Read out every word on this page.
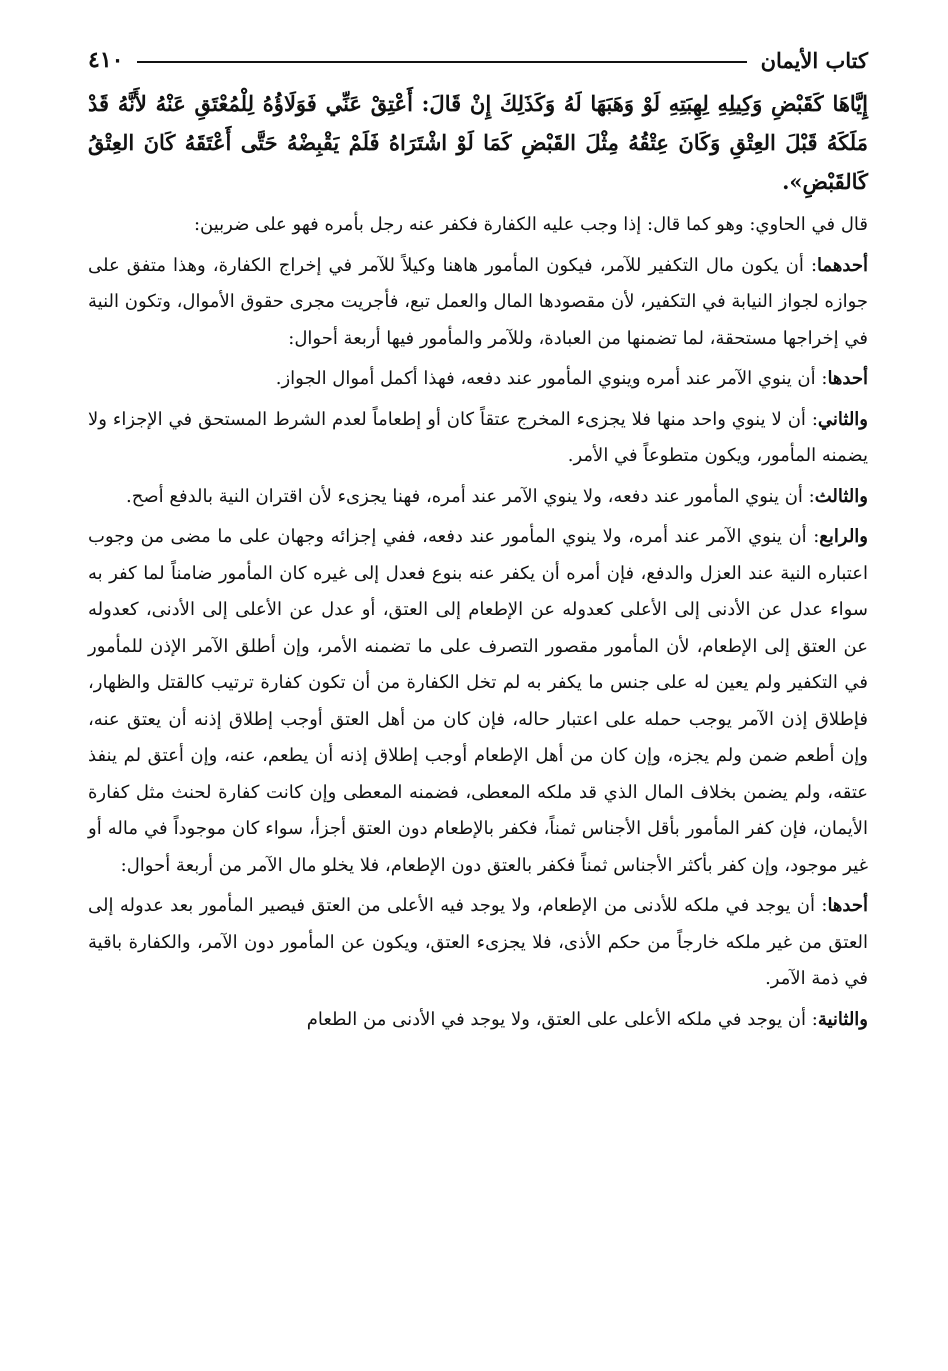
كتاب الأيمان
٤١٠

إِيَّاهَا كَقَبْضِ وَكِيلِهِ لِهِبَتِهِ لَوْ وَهَبَهَا لَهُ وَكَذَلِكَ إِنْ قَالَ: أَعْتِقْ عَنِّي فَوَلَاؤُهُ لِلْمُعْتَقِ عَنْهُ لأَنَّهُ قَدْ مَلَكَهُ قَبْلَ العِتْقِ وَكَانَ عِتْقُهُ مِثْلَ القَبْضِ كَمَا لَوْ اشْتَرَاهُ فَلَمْ يَقْبِضْهُ حَتَّى أَعْتَقَهُ كَانَ العِتْقُ كَالقَبْضِ».

قال في الحاوي: وهو كما قال: إذا وجب عليه الكفارة فكفر عنه رجل بأمره فهو على ضربين:

أحدهما: أن يكون مال التكفير للآمر، فيكون المأمور هاهنا وكيلاً للآمر في إخراج الكفارة، وهذا متفق على جوازه لجواز النيابة في التكفير، لأن مقصودها المال والعمل تبع، فأجريت مجرى حقوق الأموال، وتكون النية في إخراجها مستحقة، لما تضمنها من العبادة، وللآمر والمأمور فيها أربعة أحوال:

أحدها: أن ينوي الآمر عند أمره وينوي المأمور عند دفعه، فهذا أكمل أموال الجواز.

والثاني: أن لا ينوي واحد منها فلا يجزىء المخرج عتقاً كان أو إطعاماً لعدم الشرط المستحق في الإجزاء ولا يضمنه المأمور، ويكون متطوعاً في الأمر.

والثالث: أن ينوي المأمور عند دفعه، ولا ينوي الآمر عند أمره، فهنا يجزىء لأن اقتران النية بالدفع أصح.

والرابع: أن ينوي الآمر عند أمره، ولا ينوي المأمور عند دفعه، ففي إجزائه وجهان على ما مضى من وجوب اعتباره النية عند العزل والدفع، فإن أمره أن يكفر عنه بنوع فعدل إلى غيره كان المأمور ضامناً لما كفر به سواء عدل عن الأدنى إلى الأعلى كعدوله عن الإطعام إلى العتق، أو عدل عن الأعلى إلى الأدنى، كعدوله عن العتق إلى الإطعام، لأن المأمور مقصور التصرف على ما تضمنه الأمر، وإن أطلق الآمر الإذن للمأمور في التكفير ولم يعين له على جنس ما يكفر به لم تخل الكفارة من أن تكون كفارة ترتيب كالقتل والظهار، فإطلاق إذن الآمر يوجب حمله على اعتبار حاله، فإن كان من أهل العتق أوجب إطلاق إذنه أن يعتق عنه، وإن أطعم ضمن ولم يجزه، وإن كان من أهل الإطعام أوجب إطلاق إذنه أن يطعم، عنه، وإن أعتق لم ينفذ عتقه، ولم يضمن بخلاف المال الذي قد ملكه المعطى، فضمنه المعطى وإن كانت كفارة لحنث مثل كفارة الأيمان، فإن كفر المأمور بأقل الأجناس ثمناً، فكفر بالإطعام دون العتق أجزأ، سواء كان موجوداً في ماله أو غير موجود، وإن كفر بأكثر الأجناس ثمناً فكفر بالعتق دون الإطعام، فلا يخلو مال الآمر من أربعة أحوال:

أحدها: أن يوجد في ملكه للأدنى من الإطعام، ولا يوجد فيه الأعلى من العتق فيصير المأمور بعد عدوله إلى العتق من غير ملكه خارجاً من حكم الأذى، فلا يجزىء العتق، ويكون عن المأمور دون الآمر، والكفارة باقية في ذمة الآمر.

والثانية: أن يوجد في ملكه الأعلى على العتق، ولا يوجد في الأدنى من الطعام
